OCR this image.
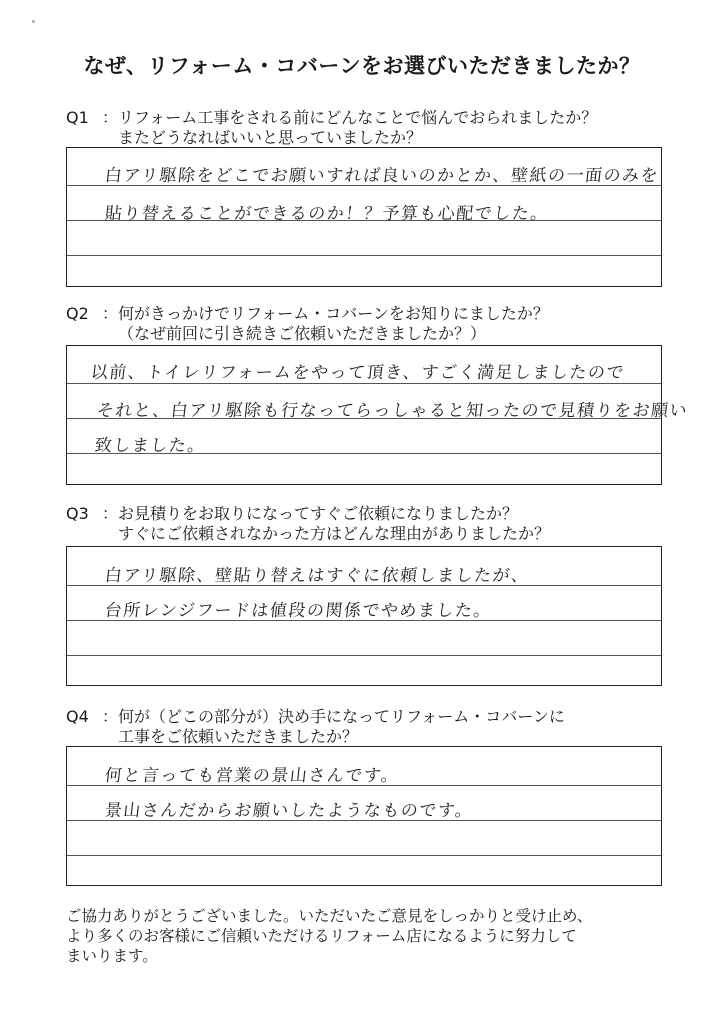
なぜ、リフォーム・コバーンをお選びいただきましたか？
Q1 ：リフォーム工事をされる前にどんなことで悩んでおられましたか？
またどうなればいいと思っていましたか？
白アリ駆除をどこでお願いすれば良いのかとか、壁紙の一面のみを
貼り替えることができるのか！？予算も心配でした。
Q2 ：何がきっかけでリフォーム・コバーンをお知りにましたか？
（なぜ前回に引き続きご依頼いただきましたか？）
以前、トイレリフォームをやって頂き、すごく満足しましたので
それと、白アリ駆除も行なってらっしゃると知ったので見積りをお願い
致しました。
Q3 ：お見積りをお取りになってすぐご依頼になりましたか？
すぐにご依頼されなかった方はどんな理由がありましたか？
白アリ駆除、壁貼り替えはすぐに依頼しましたが、
台所レンジフードは値段の関係でやめました。
Q4 ：何が（どこの部分が）決め手になってリフォーム・コバーンに
工事をご依頼いただきましたか？
何と言っても営業の景山さんです。
景山さんだからお願いしたようなものです。
ご協力ありがとうございました。いただいたご意見をしっかりと受け止め、
より多くのお客様にご信頼いただけるリフォーム店になるように努力して
まいります。
